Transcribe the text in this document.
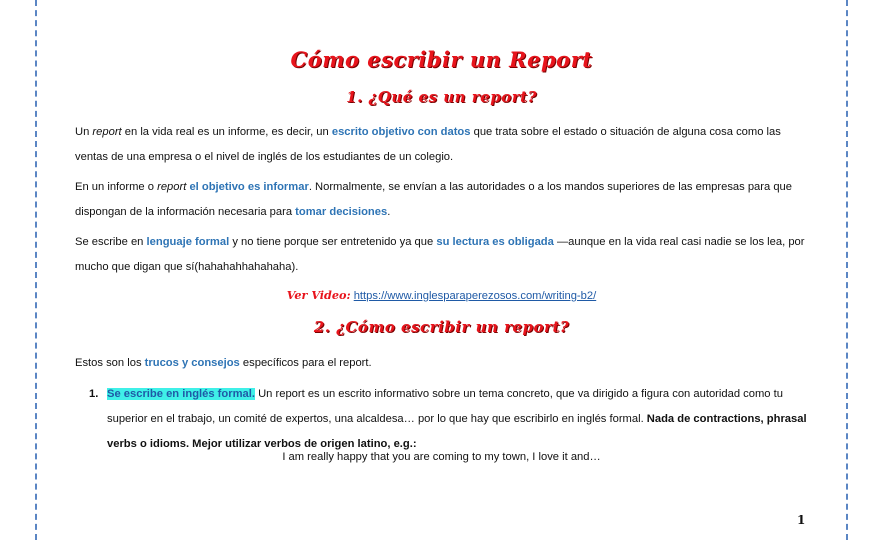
Cómo escribir un Report
1. ¿Qué es un report?

Un report en la vida real es un informe, es decir, un escrito objetivo con datos que trata sobre el estado o situación de alguna cosa como las ventas de una empresa o el nivel de inglés de los estudiantes de un colegio.

En un informe o report el objetivo es informar. Normalmente, se envían a las autoridades o a los mandos superiores de las empresas para que dispongan de la información necesaria para tomar decisiones.

Se escribe en lenguaje formal y no tiene porque ser entretenido ya que su lectura es obligada —aunque en la vida real casi nadie se los lea, por mucho que digan que sí(hahahahhahahaha).

Ver Video: https://www.inglesparaperezosos.com/writing-b2/

2. ¿Cómo escribir un report?

Estos son los trucos y consejos específicos para el report.

1. Se escribe en inglés formal. Un report es un escrito informativo sobre un tema concreto, que va dirigido a figura con autoridad como tu superior en el trabajo, un comité de expertos, una alcaldesa… por lo que hay que escribirlo en inglés formal. Nada de contractions, phrasal verbs o idioms. Mejor utilizar verbos de origen latino, e.g.:
I am really happy that you are coming to my town, I love it and…
1
